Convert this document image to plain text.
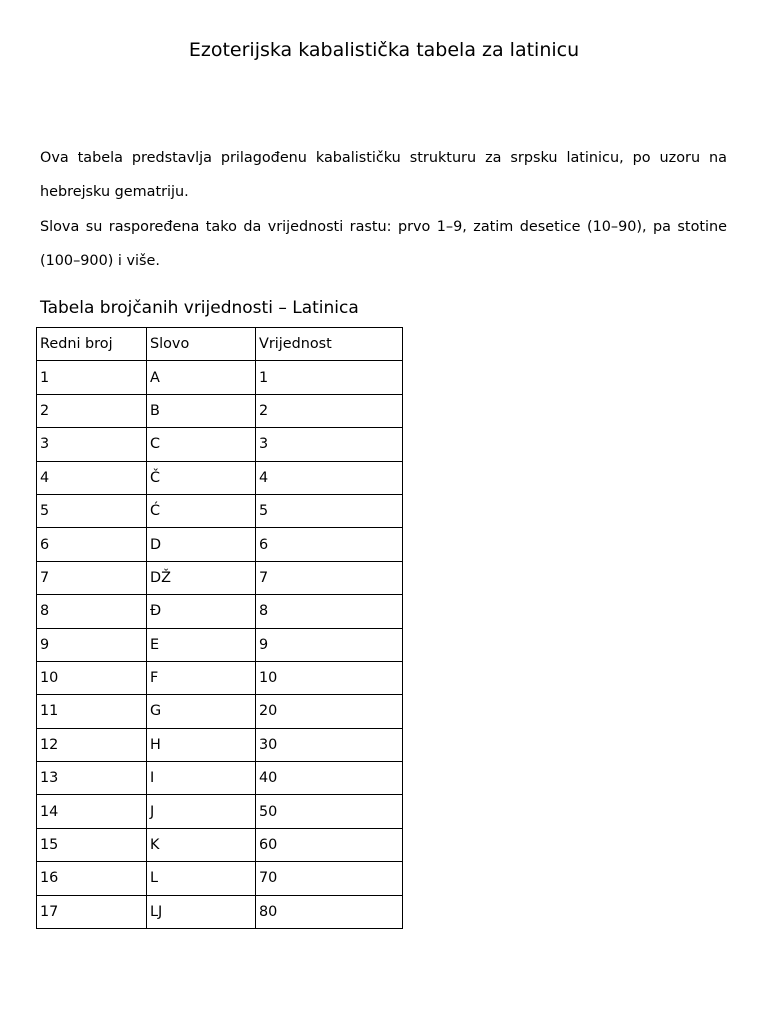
Ezoterijska kabalistička tabela za latinicu

Ova tabela predstavlja prilagođenu kabalističku strukturu za srpsku latinicu, po uzoru na hebrejsku gematriju.

Slova su raspoređena tako da vrijednosti rastu: prvo 1–9, zatim desetice (10–90), pa stotine (100–900) i više.

Tabela brojčanih vrijednosti – Latinica
Redni broj	Slovo	Vrijednost
1	A	1
2	B	2
3	C	3
4	Č	4
5	Ć	5
6	D	6
7	DŽ	7
8	Đ	8
9	E	9
10	F	10
11	G	20
12	H	30
13	I	40
14	J	50
15	K	60
16	L	70
17	LJ	80
